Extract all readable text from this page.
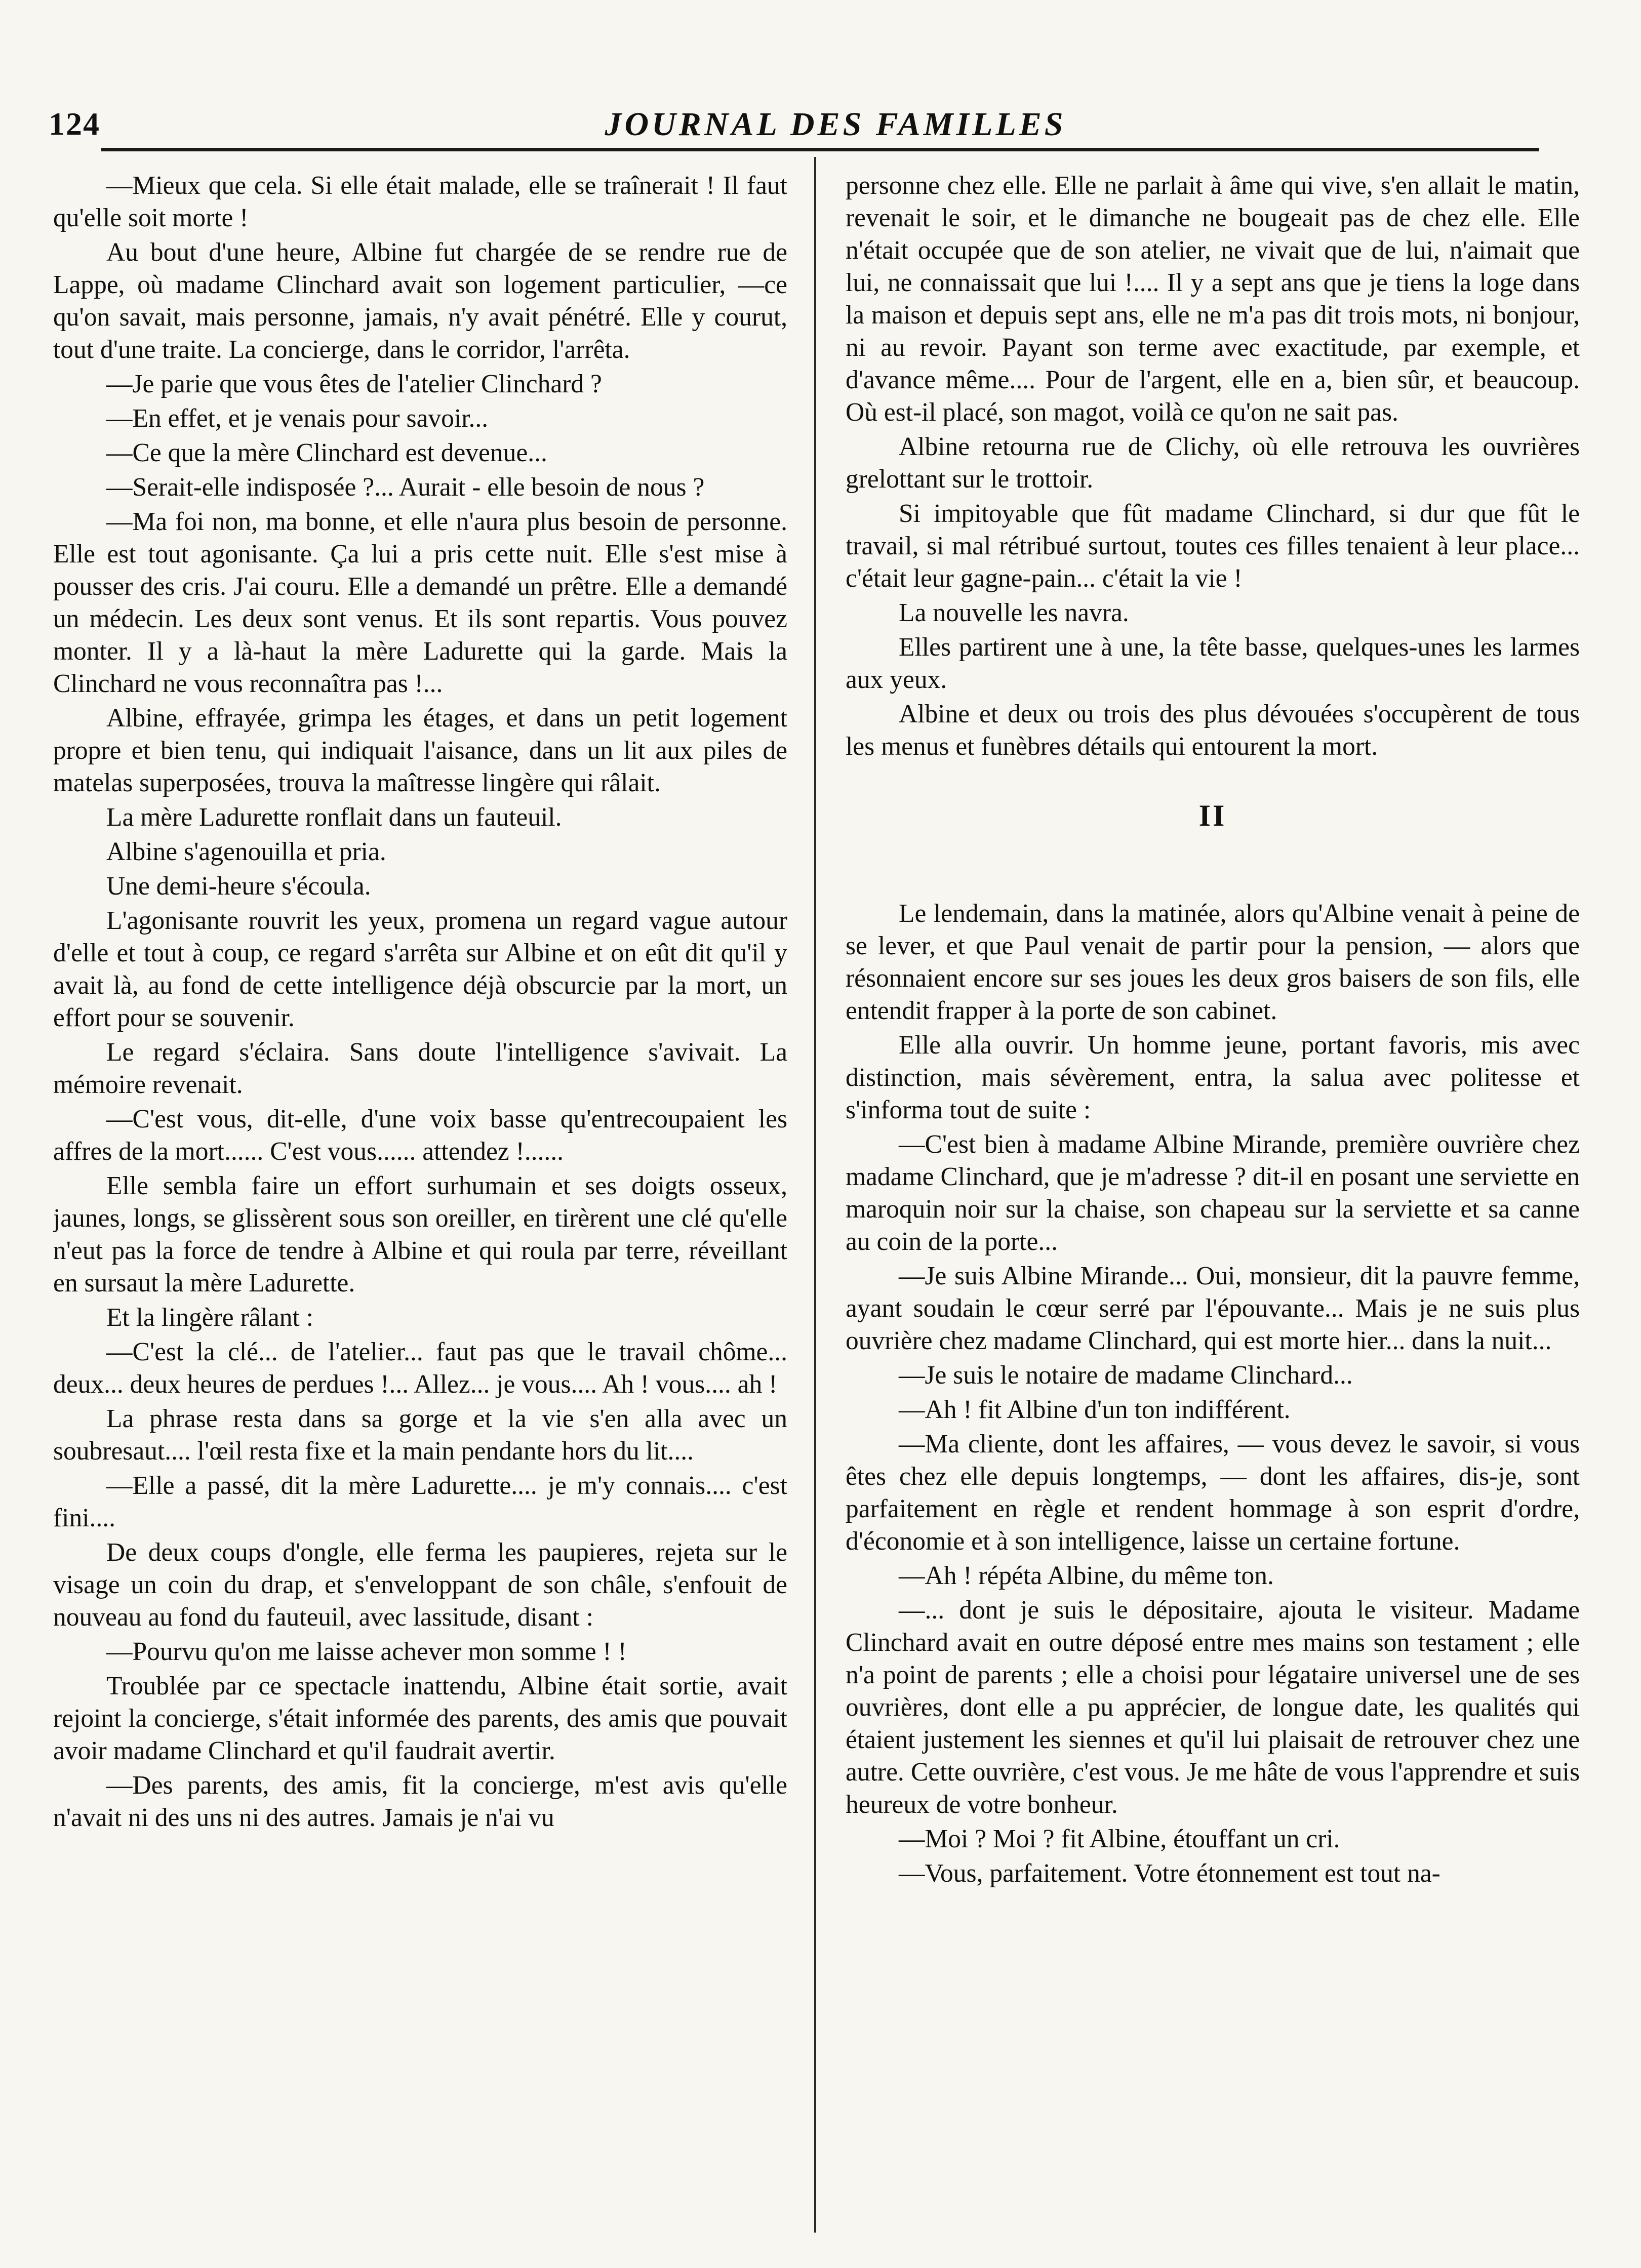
124	JOURNAL DES FAMILLES

—Mieux que cela. Si elle était malade, elle se traînerait ! Il faut qu'elle soit morte !

Au bout d'une heure, Albine fut chargée de se rendre rue de Lappe, où madame Clinchard avait son logement particulier, —ce qu'on savait, mais personne, jamais, n'y avait pénétré. Elle y courut, tout d'une traite. La concierge, dans le corridor, l'arrêta.

—Je parie que vous êtes de l'atelier Clinchard ?

—En effet, et je venais pour savoir...

—Ce que la mère Clinchard est devenue...

—Serait-elle indisposée ?... Aurait - elle besoin de nous ?

—Ma foi non, ma bonne, et elle n'aura plus besoin de personne. Elle est tout agonisante. Ça lui a pris cette nuit. Elle s'est mise à pousser des cris. J'ai couru. Elle a demandé un prêtre. Elle a demandé un médecin. Les deux sont venus. Et ils sont repartis. Vous pouvez monter. Il y a là-haut la mère Ladurette qui la garde. Mais la Clinchard ne vous reconnaîtra pas !...

Albine, effrayée, grimpa les étages, et dans un petit logement propre et bien tenu, qui indiquait l'aisance, dans un lit aux piles de matelas superposées, trouva la maîtresse lingère qui râlait.

La mère Ladurette ronflait dans un fauteuil.

Albine s'agenouilla et pria.

Une demi-heure s'écoula.

L'agonisante rouvrit les yeux, promena un regard vague autour d'elle et tout à coup, ce regard s'arrêta sur Albine et on eût dit qu'il y avait là, au fond de cette intelligence déjà obscurcie par la mort, un effort pour se souvenir.

Le regard s'éclaira. Sans doute l'intelligence s'avivait. La mémoire revenait.

—C'est vous, dit-elle, d'une voix basse qu'entrecoupaient les affres de la mort...... C'est vous...... attendez !......

Elle sembla faire un effort surhumain et ses doigts osseux, jaunes, longs, se glissèrent sous son oreiller, en tirèrent une clé qu'elle n'eut pas la force de tendre à Albine et qui roula par terre, réveillant en sursaut la mère Ladurette.

Et la lingère râlant :

—C'est la clé... de l'atelier... faut pas que le travail chôme... deux... deux heures de perdues !... Allez... je vous.... Ah ! vous.... ah !

La phrase resta dans sa gorge et la vie s'en alla avec un soubresaut.... l'œil resta fixe et la main pendante hors du lit....

—Elle a passé, dit la mère Ladurette.... je m'y connais.... c'est fini....

De deux coups d'ongle, elle ferma les paupieres, rejeta sur le visage un coin du drap, et s'enveloppant de son châle, s'enfouit de nouveau au fond du fauteuil, avec lassitude, disant :

—Pourvu qu'on me laisse achever mon somme ! !

Troublée par ce spectacle inattendu, Albine était sortie, avait rejoint la concierge, s'était informée des parents, des amis que pouvait avoir madame Clinchard et qu'il faudrait avertir.

—Des parents, des amis, fit la concierge, m'est avis qu'elle n'avait ni des uns ni des autres. Jamais je n'ai vu

personne chez elle. Elle ne parlait à âme qui vive, s'en allait le matin, revenait le soir, et le dimanche ne bougeait pas de chez elle. Elle n'était occupée que de son atelier, ne vivait que de lui, n'aimait que lui, ne connaissait que lui !.... Il y a sept ans que je tiens la loge dans la maison et depuis sept ans, elle ne m'a pas dit trois mots, ni bonjour, ni au revoir. Payant son terme avec exactitude, par exemple, et d'avance même.... Pour de l'argent, elle en a, bien sûr, et beaucoup. Où est-il placé, son magot, voilà ce qu'on ne sait pas.

Albine retourna rue de Clichy, où elle retrouva les ouvrières grelottant sur le trottoir.

Si impitoyable que fût madame Clinchard, si dur que fût le travail, si mal rétribué surtout, toutes ces filles tenaient à leur place... c'était leur gagne-pain... c'était la vie !

La nouvelle les navra.

Elles partirent une à une, la tête basse, quelques-unes les larmes aux yeux.

Albine et deux ou trois des plus dévouées s'occupèrent de tous les menus et funèbres détails qui entourent la mort.

II

Le lendemain, dans la matinée, alors qu'Albine venait à peine de se lever, et que Paul venait de partir pour la pension, — alors que résonnaient encore sur ses joues les deux gros baisers de son fils, elle entendit frapper à la porte de son cabinet.

Elle alla ouvrir. Un homme jeune, portant favoris, mis avec distinction, mais sévèrement, entra, la salua avec politesse et s'informa tout de suite :

—C'est bien à madame Albine Mirande, première ouvrière chez madame Clinchard, que je m'adresse ? dit-il en posant une serviette en maroquin noir sur la chaise, son chapeau sur la serviette et sa canne au coin de la porte...

—Je suis Albine Mirande... Oui, monsieur, dit la pauvre femme, ayant soudain le cœur serré par l'épouvante... Mais je ne suis plus ouvrière chez madame Clinchard, qui est morte hier... dans la nuit...

—Je suis le notaire de madame Clinchard...

—Ah ! fit Albine d'un ton indifférent.

—Ma cliente, dont les affaires, — vous devez le savoir, si vous êtes chez elle depuis longtemps, — dont les affaires, dis-je, sont parfaitement en règle et rendent hommage à son esprit d'ordre, d'économie et à son intelligence, laisse un certaine fortune.

—Ah ! répéta Albine, du même ton.

—... dont je suis le dépositaire, ajouta le visiteur. Madame Clinchard avait en outre déposé entre mes mains son testament ; elle n'a point de parents ; elle a choisi pour légataire universel une de ses ouvrières, dont elle a pu apprécier, de longue date, les qualités qui étaient justement les siennes et qu'il lui plaisait de retrouver chez une autre. Cette ouvrière, c'est vous. Je me hâte de vous l'apprendre et suis heureux de votre bonheur.

—Moi ? Moi ? fit Albine, étouffant un cri.

—Vous, parfaitement. Votre étonnement est tout na-
